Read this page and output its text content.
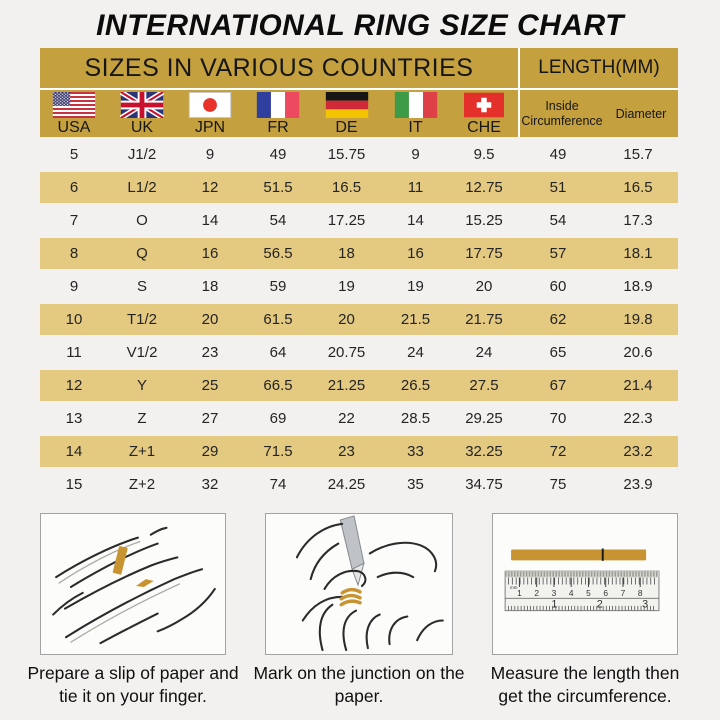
INTERNATIONAL RING SIZE CHART
SIZES IN VARIOUS COUNTRIES	LENGTH(MM)
USA	UK	JPN	FR	DE	IT	CHE
Inside Circumference	Diameter
5	J1/2	9	49	15.75	9	9.5	49	15.7
6	L1/2	12	51.5	16.5	11	12.75	51	16.5
7	O	14	54	17.25	14	15.25	54	17.3
8	Q	16	56.5	18	16	17.75	57	18.1
9	S	18	59	19	19	20	60	18.9
10	T1/2	20	61.5	20	21.5	21.75	62	19.8
11	V1/2	23	64	20.75	24	24	65	20.6
12	Y	25	66.5	21.25	26.5	27.5	67	21.4
13	Z	27	69	22	28.5	29.25	70	22.3
14	Z+1	29	71.5	23	33	32.25	72	23.2
15	Z+2	32	74	24.25	35	34.75	75	23.9
Prepare a slip of paper and tie it on your finger.
Mark on the junction on the paper.
1 2 3 4 5 6 7 8
mm
1	2	3
Measure the length then get the circumference.
